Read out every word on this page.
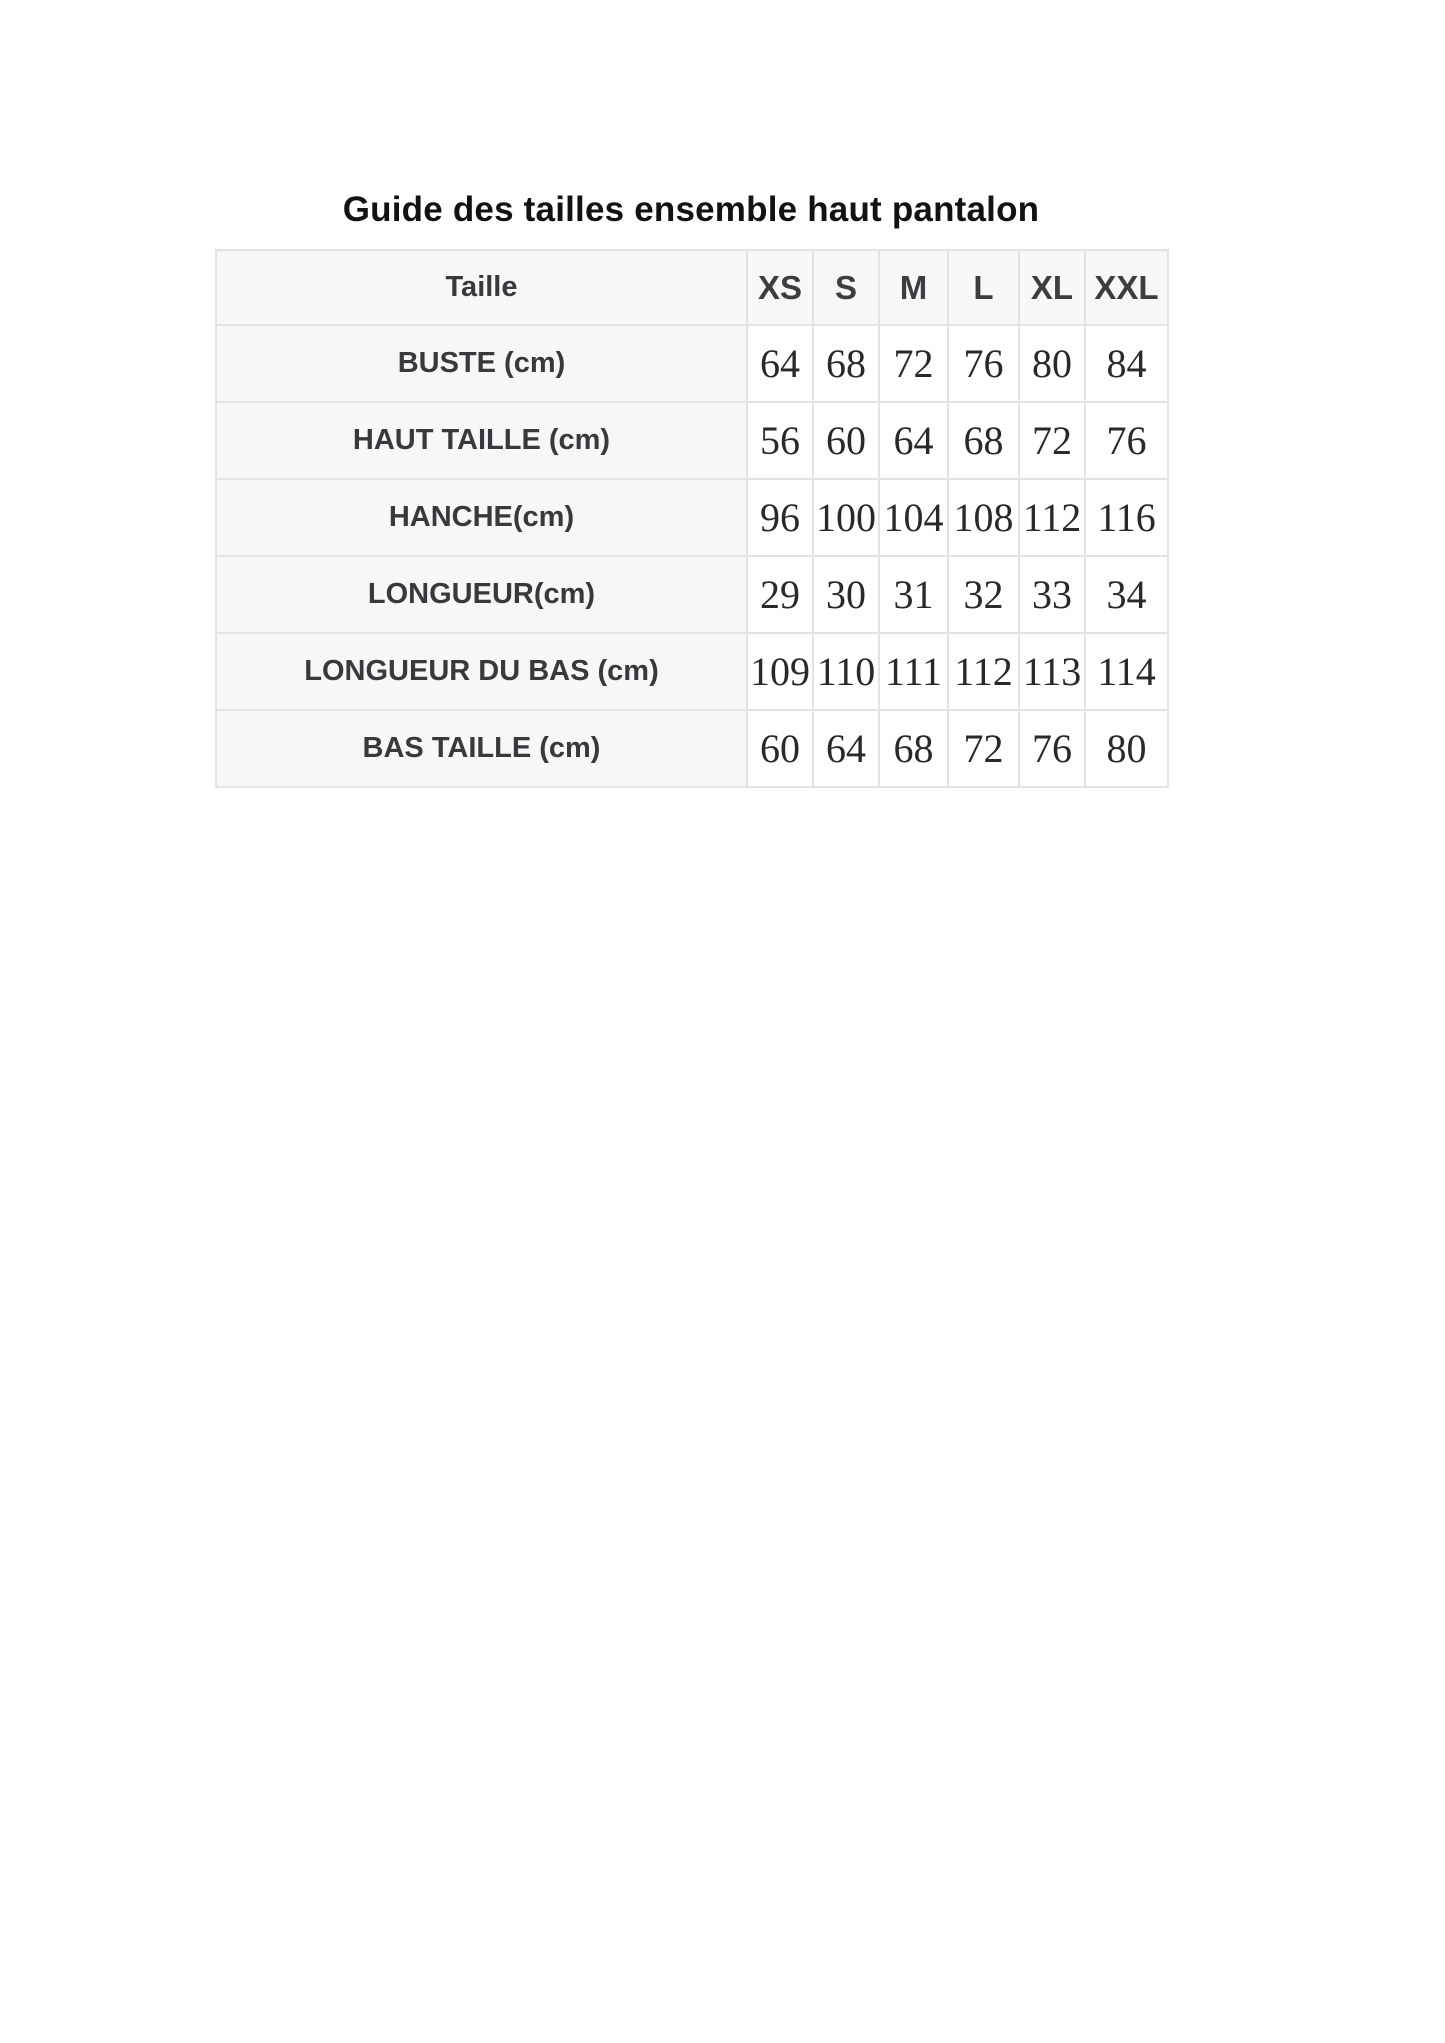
Guide des tailles ensemble haut pantalon
Taille	XS	S	M	L	XL	XXL
BUSTE (cm)	64	68	72	76	80	84
HAUT TAILLE (cm)	56	60	64	68	72	76
HANCHE(cm)	96	100	104	108	112	116
LONGUEUR(cm)	29	30	31	32	33	34
LONGUEUR DU BAS (cm)	109	110	111	112	113	114
BAS TAILLE (cm)	60	64	68	72	76	80
